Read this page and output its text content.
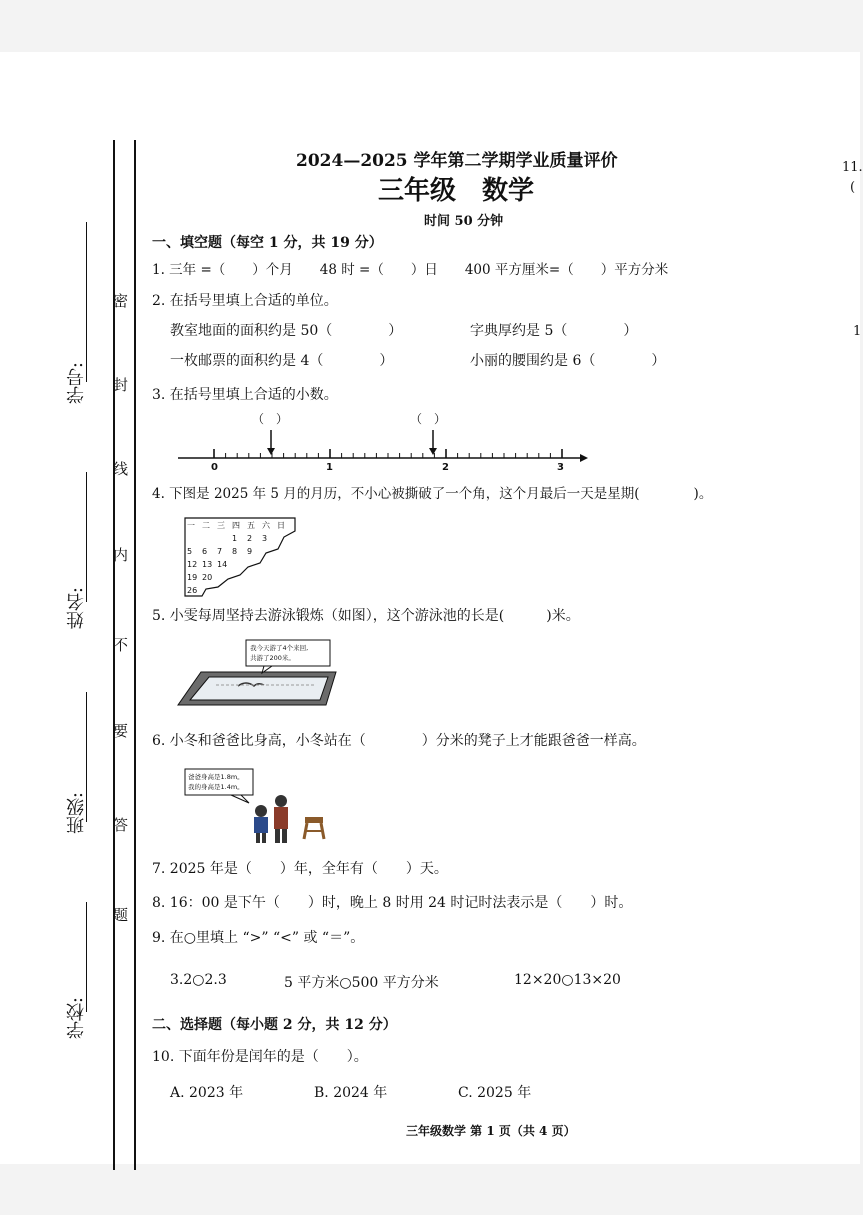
学号:
姓名:
班级:
学校:
密
封
线
内
不
要
答
题
11.
(
1
2024—2025 学年第二学期学业质量评价
三年级　数学
时间 50 分钟
一、填空题（每空 1 分，共 19 分）
1. 三年 =（　　）个月　　48 时 =（　　）日　　400 平方厘米=（　　）平方分米
2. 在括号里填上合适的单位。
教室地面的面积约是 50（　　　　）	字典厚约是 5（　　　　）
一枚邮票的面积约是 4（　　　　）	小丽的腰围约是 6（　　　　）
3. 在括号里填上合适的小数。
（　）	（　）
0	1	2	3
4. 下图是 2025 年 5 月的月历，不小心被撕破了一个角，这个月最后一天是星期(　　　　)。
一	二	三	四	五	六	日
			1	2	3	
5	6	7	8	9		
12	13	14				
19	20					
26						
5. 小雯每周坚持去游泳锻炼（如图），这个游泳池的长是(　　　)米。
我今天游了4个来回,
共游了200米。
6. 小冬和爸爸比身高，小冬站在（　　　　）分米的凳子上才能跟爸爸一样高。
爸爸身高是1.8m。
我的身高是1.4m。
7. 2025 年是（　　）年，全年有（　　）天。
8. 16：00 是下午（　　）时，晚上 8 时用 24 时记时法表示是（　　）时。
9. 在○里填上 “>” “<” 或 “＝”。
3.2○2.3	5 平方米○500 平方分米	12×20○13×20
二、选择题（每小题 2 分，共 12 分）
10. 下面年份是闰年的是（　　）。
A. 2023 年	B. 2024 年	C. 2025 年
三年级数学 第 1 页（共 4 页）
